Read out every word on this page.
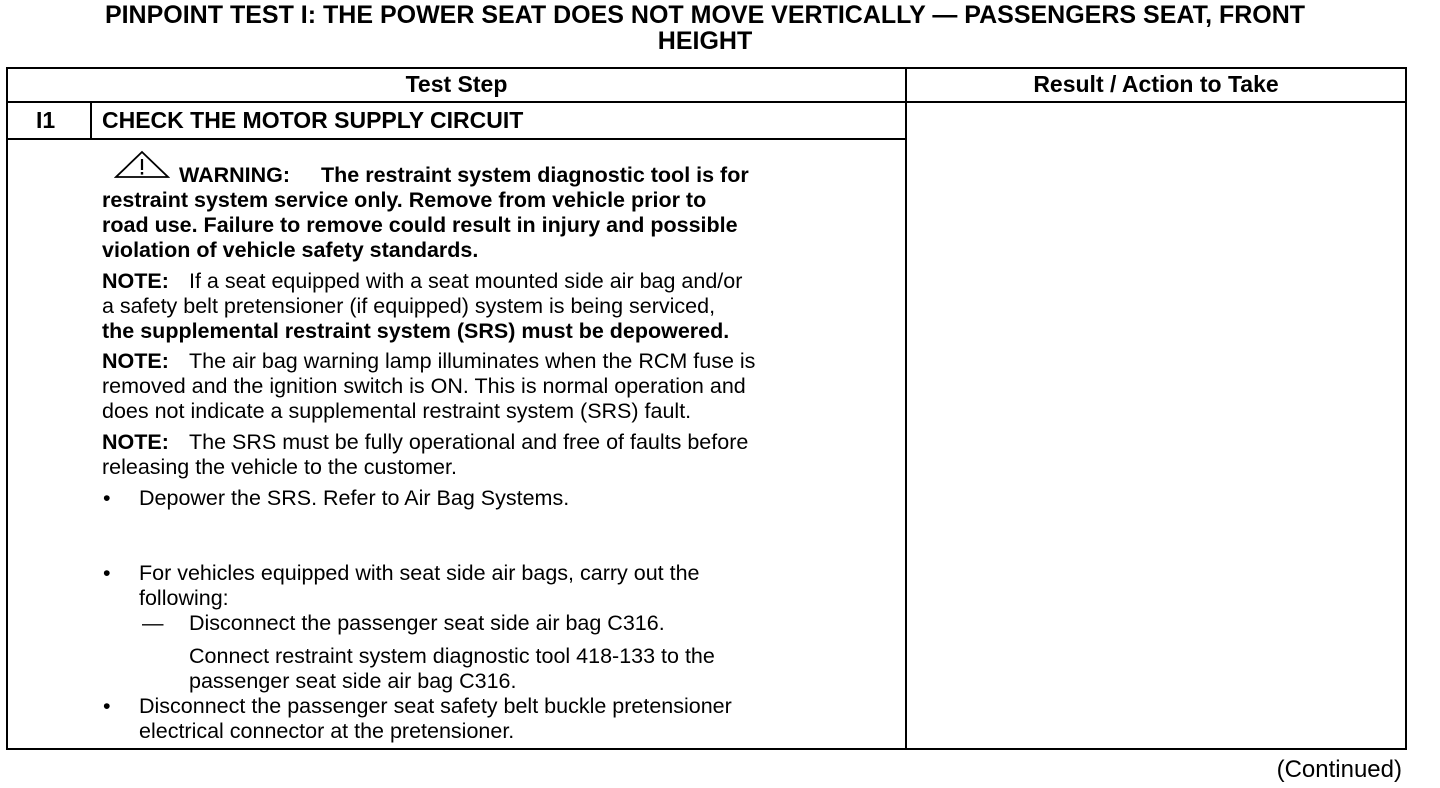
PINPOINT TEST I: THE POWER SEAT DOES NOT MOVE VERTICALLY — PASSENGERS SEAT, FRONT
HEIGHT
Test Step	Result / Action to Take
I1 CHECK THE MOTOR SUPPLY CIRCUIT
WARNING: The restraint system diagnostic tool is for
restraint system service only. Remove from vehicle prior to
road use. Failure to remove could result in injury and possible
violation of vehicle safety standards.
NOTE: If a seat equipped with a seat mounted side air bag and/or
a safety belt pretensioner (if equipped) system is being serviced,
the supplemental restraint system (SRS) must be depowered.
NOTE: The air bag warning lamp illuminates when the RCM fuse is
removed and the ignition switch is ON. This is normal operation and
does not indicate a supplemental restraint system (SRS) fault.
NOTE: The SRS must be fully operational and free of faults before
releasing the vehicle to the customer.
• Depower the SRS. Refer to Air Bag Systems.
• For vehicles equipped with seat side air bags, carry out the
following:
— Disconnect the passenger seat side air bag C316.
Connect restraint system diagnostic tool 418-133 to the
passenger seat side air bag C316.
• Disconnect the passenger seat safety belt buckle pretensioner
electrical connector at the pretensioner.
(Continued)
